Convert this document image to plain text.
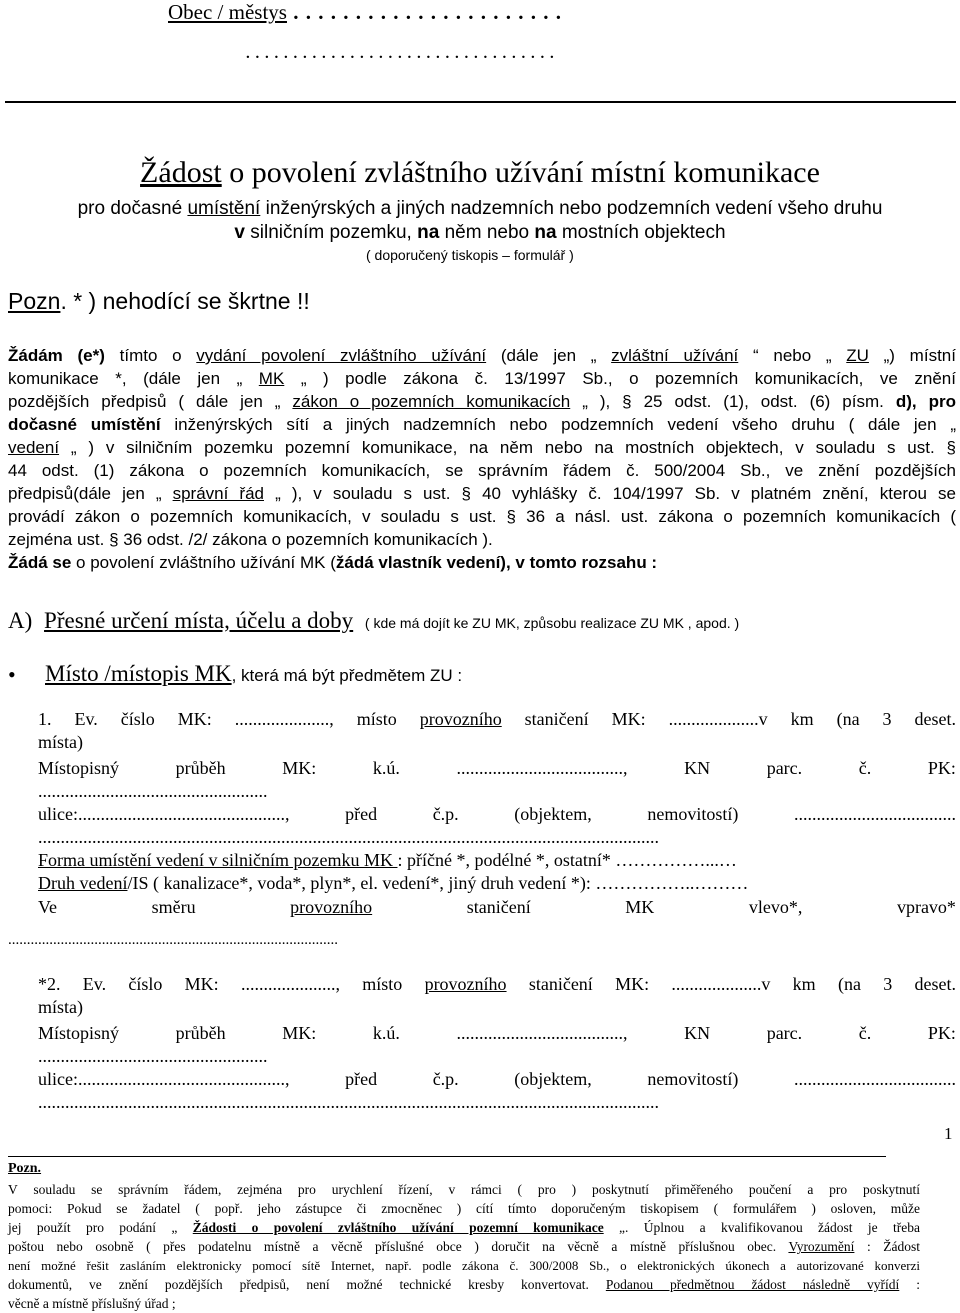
Obec / městys . . . . . . . . . . . . . . . . . . . . . .
. . . . . . . . . . . . . . . . . . . . . . . . . . . . . . . . .
Žádost o povolení zvláštního užívání místní komunikace
pro dočasné umístění inženýrských a jiných nadzemních nebo podzemních vedení všeho druhu
v silničním pozemku, na něm nebo na mostních objektech
( doporučený tiskopis – formulář )
Pozn. * ) nehodící se škrtne !!
Žádám (e*) tímto o vydání povolení zvláštního užívání (dále jen „ zvláštní užívání “ nebo „ ZU „) místní
komunikace *, (dále jen „ MK „ ) podle zákona č. 13/1997 Sb., o pozemních komunikacích, ve znění
pozdějších předpisů ( dále jen „ zákon o pozemních komunikacích „ ), § 25 odst. (1), odst. (6) písm. d), pro
dočasné umístění inženýrských sítí a jiných nadzemních nebo podzemních vedení všeho druhu ( dále jen „
vedení „ ) v silničním pozemku pozemní komunikace, na něm nebo na mostních objektech, v souladu s ust. §
44 odst. (1) zákona o pozemních komunikacích, se správním řádem č. 500/2004 Sb., ve znění pozdějších
předpisů(dále jen „ správní řád „ ), v souladu s ust. § 40 vyhlášky č. 104/1997 Sb. v platném znění, kterou se
provádí zákon o pozemních komunikacích, v souladu s ust. § 36 a násl. ust. zákona o pozemních komunikacích (
zejména ust. § 36 odst. /2/ zákona o pozemních komunikacích ).
Žádá se o povolení zvláštního užívání MK (žádá vlastník vedení), v tomto rozsahu :
A) Přesné určení místa, účelu a doby ( kde má dojít ke ZU MK, způsobu realizace ZU MK , apod. )
• Místo /místopis MK, která má být předmětem ZU :
1. Ev. číslo MK: ....................., místo provozního staničení MK: ....................v km (na 3 deset.
místa)
Místopisný	průběh	MK:	k.ú.	.....................................,	KN	parc.	č.	PK:
...................................................
ulice:.............................................., před č.p. (objektem, nemovitostí) ....................................
..........................................................................................................................................
Forma umístění vedení v silničním pozemku MK : příčné *, podélné *, ostatní* ……………...…
Druh vedení/IS ( kanalizace*, voda*, plyn*, el. vedení*, jiný druh vedení *): ……………..………
Ve	směru	provozního	staničení	MK	vlevo*,	vpravo*
........................................................................................
*2. Ev. číslo MK: ....................., místo provozního staničení MK: ....................v km (na 3 deset.
místa)
Místopisný	průběh	MK:	k.ú.	.....................................,	KN	parc.	č.	PK:
...................................................
ulice:.............................................., před č.p. (objektem, nemovitostí) ....................................
..........................................................................................................................................
1
Pozn.
V souladu se správním řádem, zejména pro urychlení řízení, v rámci ( pro ) poskytnutí přiměřeného poučení a pro poskytnutí
pomoci: Pokud se žadatel ( popř. jeho zástupce či zmocněnec ) cítí tímto doporučeným tiskopisem ( formulářem ) osloven, může
jej použít pro podání „ Žádosti o povolení zvláštního užívání pozemní komunikace „. Úplnou a kvalifikovanou žádost je třeba
poštou nebo osobně ( přes podatelnu místně a věcně příslušné obce ) doručit na věcně a místně příslušnou obec. Vyrozumění : Žádost
není možné řešit zasláním elektronicky pomocí sítě Internet, např. podle zákona č. 300/2008 Sb., o elektronických úkonech a autorizované konverzi
dokumentů, ve znění pozdějších předpisů, není možné technické kresby konvertovat. Podanou předmětnou žádost následně vyřídí :
věcně a místně příslušný úřad ;
